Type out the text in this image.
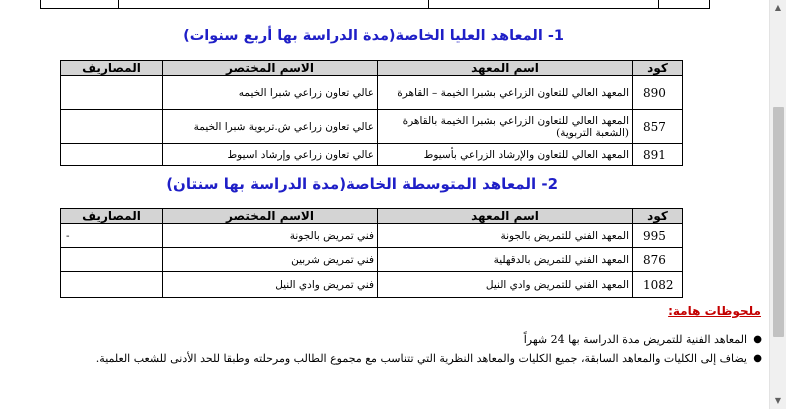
1- المعاهد العليا الخاصة(مدة الدراسة بها أربع سنوات)
كود	اسم المعهد	الاسم المختصر	المصاريف
890	المعهد العالي للتعاون الزراعي بشبرا الخيمة – القاهرة	عالي تعاون زراعي شبرا الخيمه	
857	المعهد العالي للتعاون الزراعي بشبرا الخيمة بالقاهرة (الشعبة التربوية)	عالي تعاون زراعي ش.تربوية شبرا الخيمة	
891	المعهد العالي للتعاون والإرشاد الزراعي بأسيوط	عالي تعاون زراعي وإرشاد اسيوط	
2- المعاهد المتوسطة الخاصة(مدة الدراسة بها سنتان)
كود	اسم المعهد	الاسم المختصر	المصاريف
995	المعهد الفني للتمريض بالجونة	فني تمريض بالجونة	-
876	المعهد الفني للتمريض بالدقهلية	فني تمريض شربين	
1082	المعهد الفني للتمريض وادي النيل	فني تمريض وادي النيل	
ملحوظات هامة:
●
المعاهد الفنية للتمريض مدة الدراسة بها 24 شهراً
●
يضاف إلى الكليات والمعاهد السابقة، جميع الكليات والمعاهد النظرية التي تتناسب مع مجموع الطالب ومرحلته وطبقا للحد الأدنى للشعب العلمية.
▲
▼
